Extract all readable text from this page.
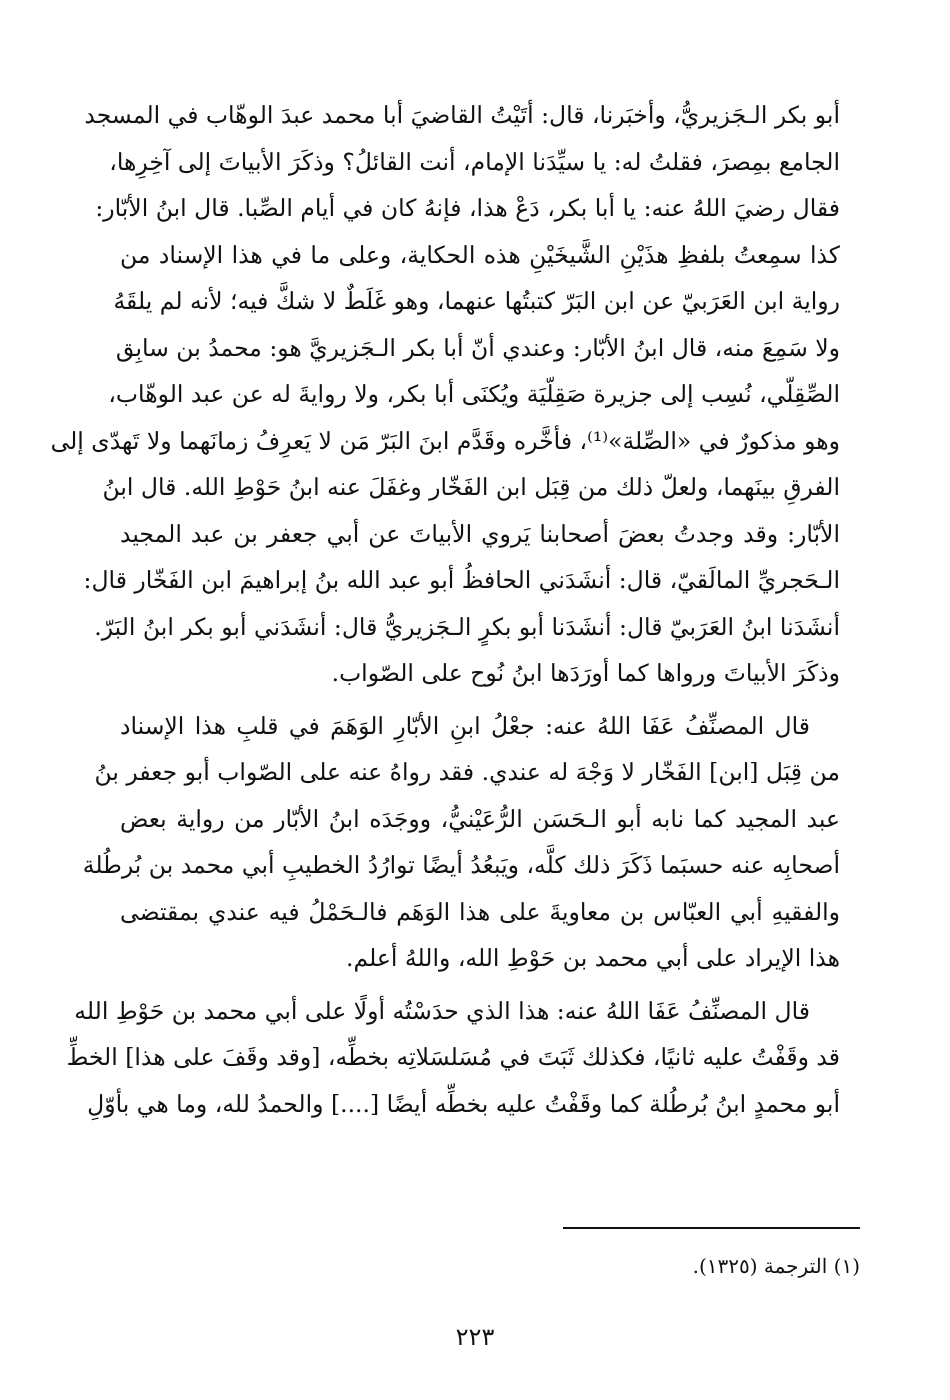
أبو بكر الـجَزيريُّ، وأخبَرنا، قال: أتَيْتُ القاضيَ أبا محمد عبدَ الوهّاب في المسجد
الجامع بمِصرَ، فقلتُ له: يا سيِّدَنا الإمام، أنت القائلُ؟ وذكَرَ الأبياتَ إلى آخِرِها،
فقال رضيَ اللهُ عنه: يا أبا بكر، دَعْ هذا، فإنهُ كان في أيام الصِّبا. قال ابنُ الأبّار:
كذا سمِعتُ بلفظِ هذَيْنِ الشَّيخَيْنِ هذه الحكاية، وعلى ما في هذا الإسناد من
رواية ابن العَرَبيّ عن ابن البَرّ كتبتُها عنهما، وهو غَلَطٌ لا شكَّ فيه؛ لأنه لم يلقَهُ
ولا سَمِعَ منه، قال ابنُ الأبّار: وعندي أنّ أبا بكر الـجَزيريَّ هو: محمدُ بن سابِق
الصِّقِلّي، نُسِب إلى جزيرة صَقِلّيَة ويُكنَى أبا بكر، ولا روايةَ له عن عبد الوهّاب،
وهو مذكورٌ في «الصِّلة»⁽¹⁾، فأخَّره وقَدَّم ابنَ البَرّ مَن لا يَعرِفُ زمانَهما ولا تَهدّى إلى
الفرقِ بينَهما، ولعلّ ذلك من قِبَل ابن الفَخّار وغفَلَ عنه ابنُ حَوْطِ الله. قال ابنُ
الأبّار: وقد وجدتُ بعضَ أصحابنا يَروي الأبياتَ عن أبي جعفر بن عبد المجيد
الـحَجريِّ المالَقيّ، قال: أنشَدَني الحافظُ أبو عبد الله بنُ إبراهيمَ ابن الفَخّار قال:
أنشَدَنا ابنُ العَرَبيّ قال: أنشَدَنا أبو بكرٍ الـجَزيريُّ قال: أنشَدَني أبو بكر ابنُ البَرّ.
وذكَرَ الأبياتَ ورواها كما أورَدَها ابنُ نُوح على الصّواب.
قال المصنِّفُ عَفَا اللهُ عنه: جعْلُ ابنِ الأبّارِ الوَهَمَ في قلبِ هذا الإسناد
من قِبَل [ابن] الفَخّار لا وَجْهَ له عندي. فقد رواهُ عنه على الصّواب أبو جعفر بنُ
عبد المجيد كما نابه أبو الـحَسَن الرُّعَيْنيُّ، ووجَدَه ابنُ الأبّار من رواية بعض
أصحابِه عنه حسبَما ذَكَرَ ذلك كلَّه، ويَبعُدُ أيضًا توارُدُ الخطيبِ أبي محمد بن بُرطُلة
والفقيهِ أبي العبّاس بن معاويةَ على هذا الوَهَم فالـحَمْلُ فيه عندي بمقتضى
هذا الإيراد على أبي محمد بن حَوْطِ الله، واللهُ أعلم.
قال المصنِّفُ عَفَا اللهُ عنه: هذا الذي حدَسْتُه أولًا على أبي محمد بن حَوْطِ الله
قد وقَفْتُ عليه ثانيًا، فكذلك ثَبَتَ في مُسَلسَلاتِه بخطِّه، [وقد وقَفَ على هذا] الخطِّ
أبو محمدٍ ابنُ بُرطُلة كما وقَفْتُ عليه بخطِّه أيضًا [....] والحمدُ لله، وما هي بأوّلِ
(١) الترجمة (١٣٢٥).
٢٢٣
